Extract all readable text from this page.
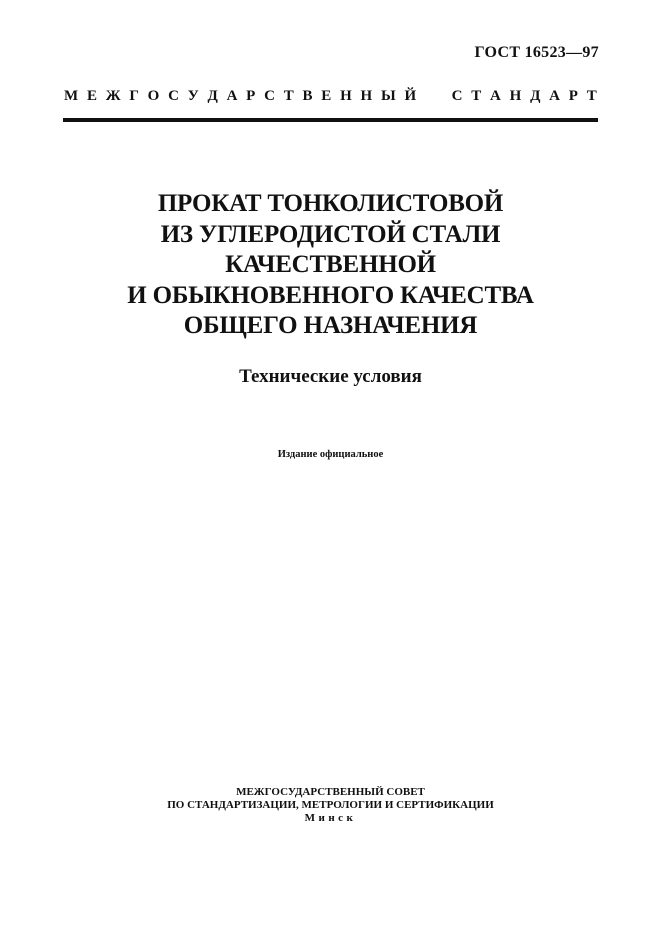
ГОСТ 16523—97
М Е Ж Г О С У Д А Р С Т В Е Н Н Ы Й С Т А Н Д А Р Т
ПРОКАТ ТОНКОЛИСТОВОЙ
ИЗ УГЛЕРОДИСТОЙ СТАЛИ
КАЧЕСТВЕННОЙ
И ОБЫКНОВЕННОГО КАЧЕСТВА
ОБЩЕГО НАЗНАЧЕНИЯ
Технические условия
Издание официальное
МЕЖГОСУДАРСТВЕННЫЙ СОВЕТ
ПО СТАНДАРТИЗАЦИИ, МЕТРОЛОГИИ И СЕРТИФИКАЦИИ
Минск
